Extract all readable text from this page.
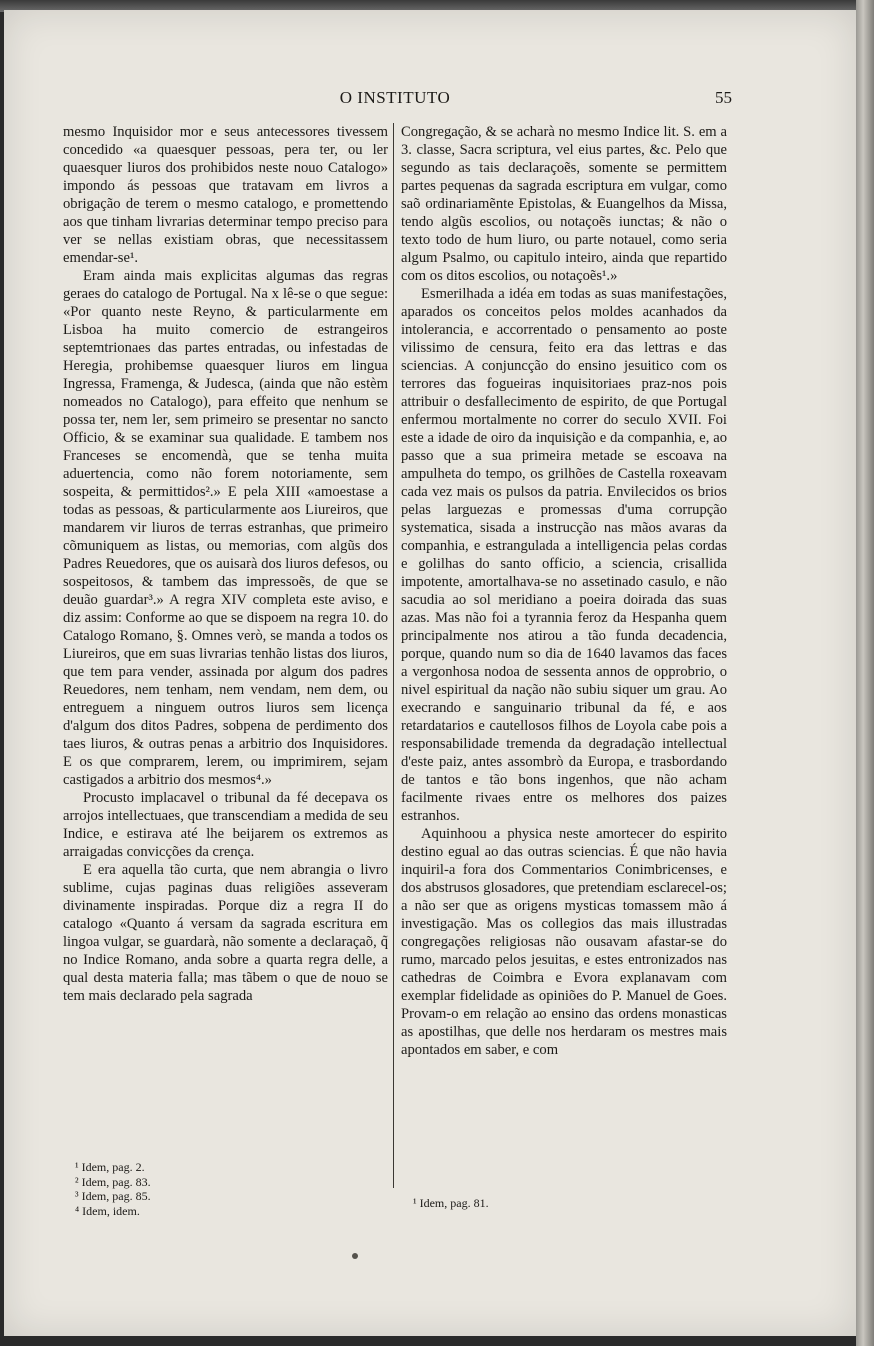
O INSTITUTO	55

mesmo Inquisidor mor e seus antecessores tivessem concedido «a quaesquer pessoas, pera ter, ou ler quaesquer liuros dos prohibidos neste nouo Catalogo» impondo ás pessoas que tratavam em livros a obrigação de terem o mesmo catalogo, e promettendo aos que tinham livrarias determinar tempo preciso para ver se nellas existiam obras, que necessitassem emendar-se¹.

Eram ainda mais explicitas algumas das regras geraes do catalogo de Portugal. Na x lê-se o que segue: «Por quanto neste Reyno, & particularmente em Lisboa ha muito comercio de estrangeiros septemtrionaes das partes entradas, ou infestadas de Heregia, prohibemse quaesquer liuros em lingua Ingressa, Framenga, & Judesca, (ainda que não estèm nomeados no Catalogo), para effeito que nenhum se possa ter, nem ler, sem primeiro se presentar no sancto Officio, & se examinar sua qualidade. E tambem nos Franceses se encomendà, que se tenha muita aduertencia, como não forem notoriamente, sem sospeita, & permittidos².» E pela XIII «amoestase a todas as pessoas, & particularmente aos Liureiros, que mandarem vir liuros de terras estranhas, que primeiro cõmuniquem as listas, ou memorias, com algũs dos Padres Reuedores, que os auisarà dos liuros defesos, ou sospeitosos, & tambem das impressoẽs, de que se deuão guardar³.» A regra XIV completa este aviso, e diz assim: Conforme ao que se dispoem na regra 10. do Catalogo Romano, §. Omnes verò, se manda a todos os Liureiros, que em suas livrarias tenhão listas dos liuros, que tem para vender, assinada por algum dos padres Reuedores, nem tenham, nem vendam, nem dem, ou entreguem a ninguem outros liuros sem licença d'algum dos ditos Padres, sobpena de perdimento dos taes liuros, & outras penas a arbitrio dos Inquisidores. E os que comprarem, lerem, ou imprimirem, sejam castigados a arbitrio dos mesmos⁴.»

Procusto implacavel o tribunal da fé decepava os arrojos intellectuaes, que transcendiam a medida de seu Indice, e estirava até lhe beijarem os extremos as arraigadas convicções da crença.

E era aquella tão curta, que nem abrangia o livro sublime, cujas paginas duas religiões asseveram divinamente inspiradas. Porque diz a regra II do catalogo «Quanto á versam da sagrada escritura em lingoa vulgar, se guardarà, não somente a declaraçaõ, q̃ no Indice Romano, anda sobre a quarta regra delle, a qual desta materia falla; mas tãbem o que de nouo se tem mais declarado pela sagrada

Congregação, & se acharà no mesmo Indice lit. S. em a 3. classe, Sacra scriptura, vel eius partes, &c. Pelo que segundo as tais declaraçoẽs, somente se permittem partes pequenas da sagrada escriptura em vulgar, como saõ ordinariamẽnte Epistolas, & Euangelhos da Missa, tendo algũs escolios, ou notaçoẽs iunctas; & não o texto todo de hum liuro, ou parte notauel, como seria algum Psalmo, ou capitulo inteiro, ainda que repartido com os ditos escolios, ou notaçoẽs¹.»

Esmerilhada a idéa em todas as suas manifestações, aparados os conceitos pelos moldes acanhados da intolerancia, e accorrentado o pensamento ao poste vilissimo de censura, feito era das lettras e das sciencias. A conjuncção do ensino jesuitico com os terrores das fogueiras inquisitoriaes praz-nos pois attribuir o desfallecimento de espirito, de que Portugal enfermou mortalmente no correr do seculo XVII. Foi este a idade de oiro da inquisição e da companhia, e, ao passo que a sua primeira metade se escoava na ampulheta do tempo, os grilhões de Castella roxeavam cada vez mais os pulsos da patria. Envilecidos os brios pelas larguezas e promessas d'uma corrupção systematica, sisada a instrucção nas mãos avaras da companhia, e estrangulada a intelligencia pelas cordas e golilhas do santo officio, a sciencia, crisallida impotente, amortalhava-se no assetinado casulo, e não sacudia ao sol meridiano a poeira doirada das suas azas. Mas não foi a tyrannia feroz da Hespanha quem principalmente nos atirou a tão funda decadencia, porque, quando num so dia de 1640 lavamos das faces a vergonhosa nodoa de sessenta annos de opprobrio, o nivel espiritual da nação não subiu siquer um grau. Ao execrando e sanguinario tribunal da fé, e aos retardatarios e cautellosos filhos de Loyola cabe pois a responsabilidade tremenda da degradação intellectual d'este paiz, antes assombrò da Europa, e trasbordando de tantos e tão bons ingenhos, que não acham facilmente rivaes entre os melhores dos paizes estranhos.

Aquinhoou a physica neste amortecer do espirito destino egual ao das outras sciencias. É que não havia inquiril-a fora dos Commentarios Conimbricenses, e dos abstrusos glosadores, que pretendiam esclarecel-os; a não ser que as origens mysticas tomassem mão á investigação. Mas os collegios das mais illustradas congregações religiosas não ousavam afastar-se do rumo, marcado pelos jesuitas, e estes entronizados nas cathedras de Coimbra e Evora explanavam com exemplar fidelidade as opiniões do P. Manuel de Goes. Provam-o em relação ao ensino das ordens monasticas as apostilhas, que delle nos herdaram os mestres mais apontados em saber, e com

¹ Idem, pag. 2.
² Idem, pag. 83.
³ Idem, pag. 85.
⁴ Idem, idem.
¹ Idem, pag. 81.
